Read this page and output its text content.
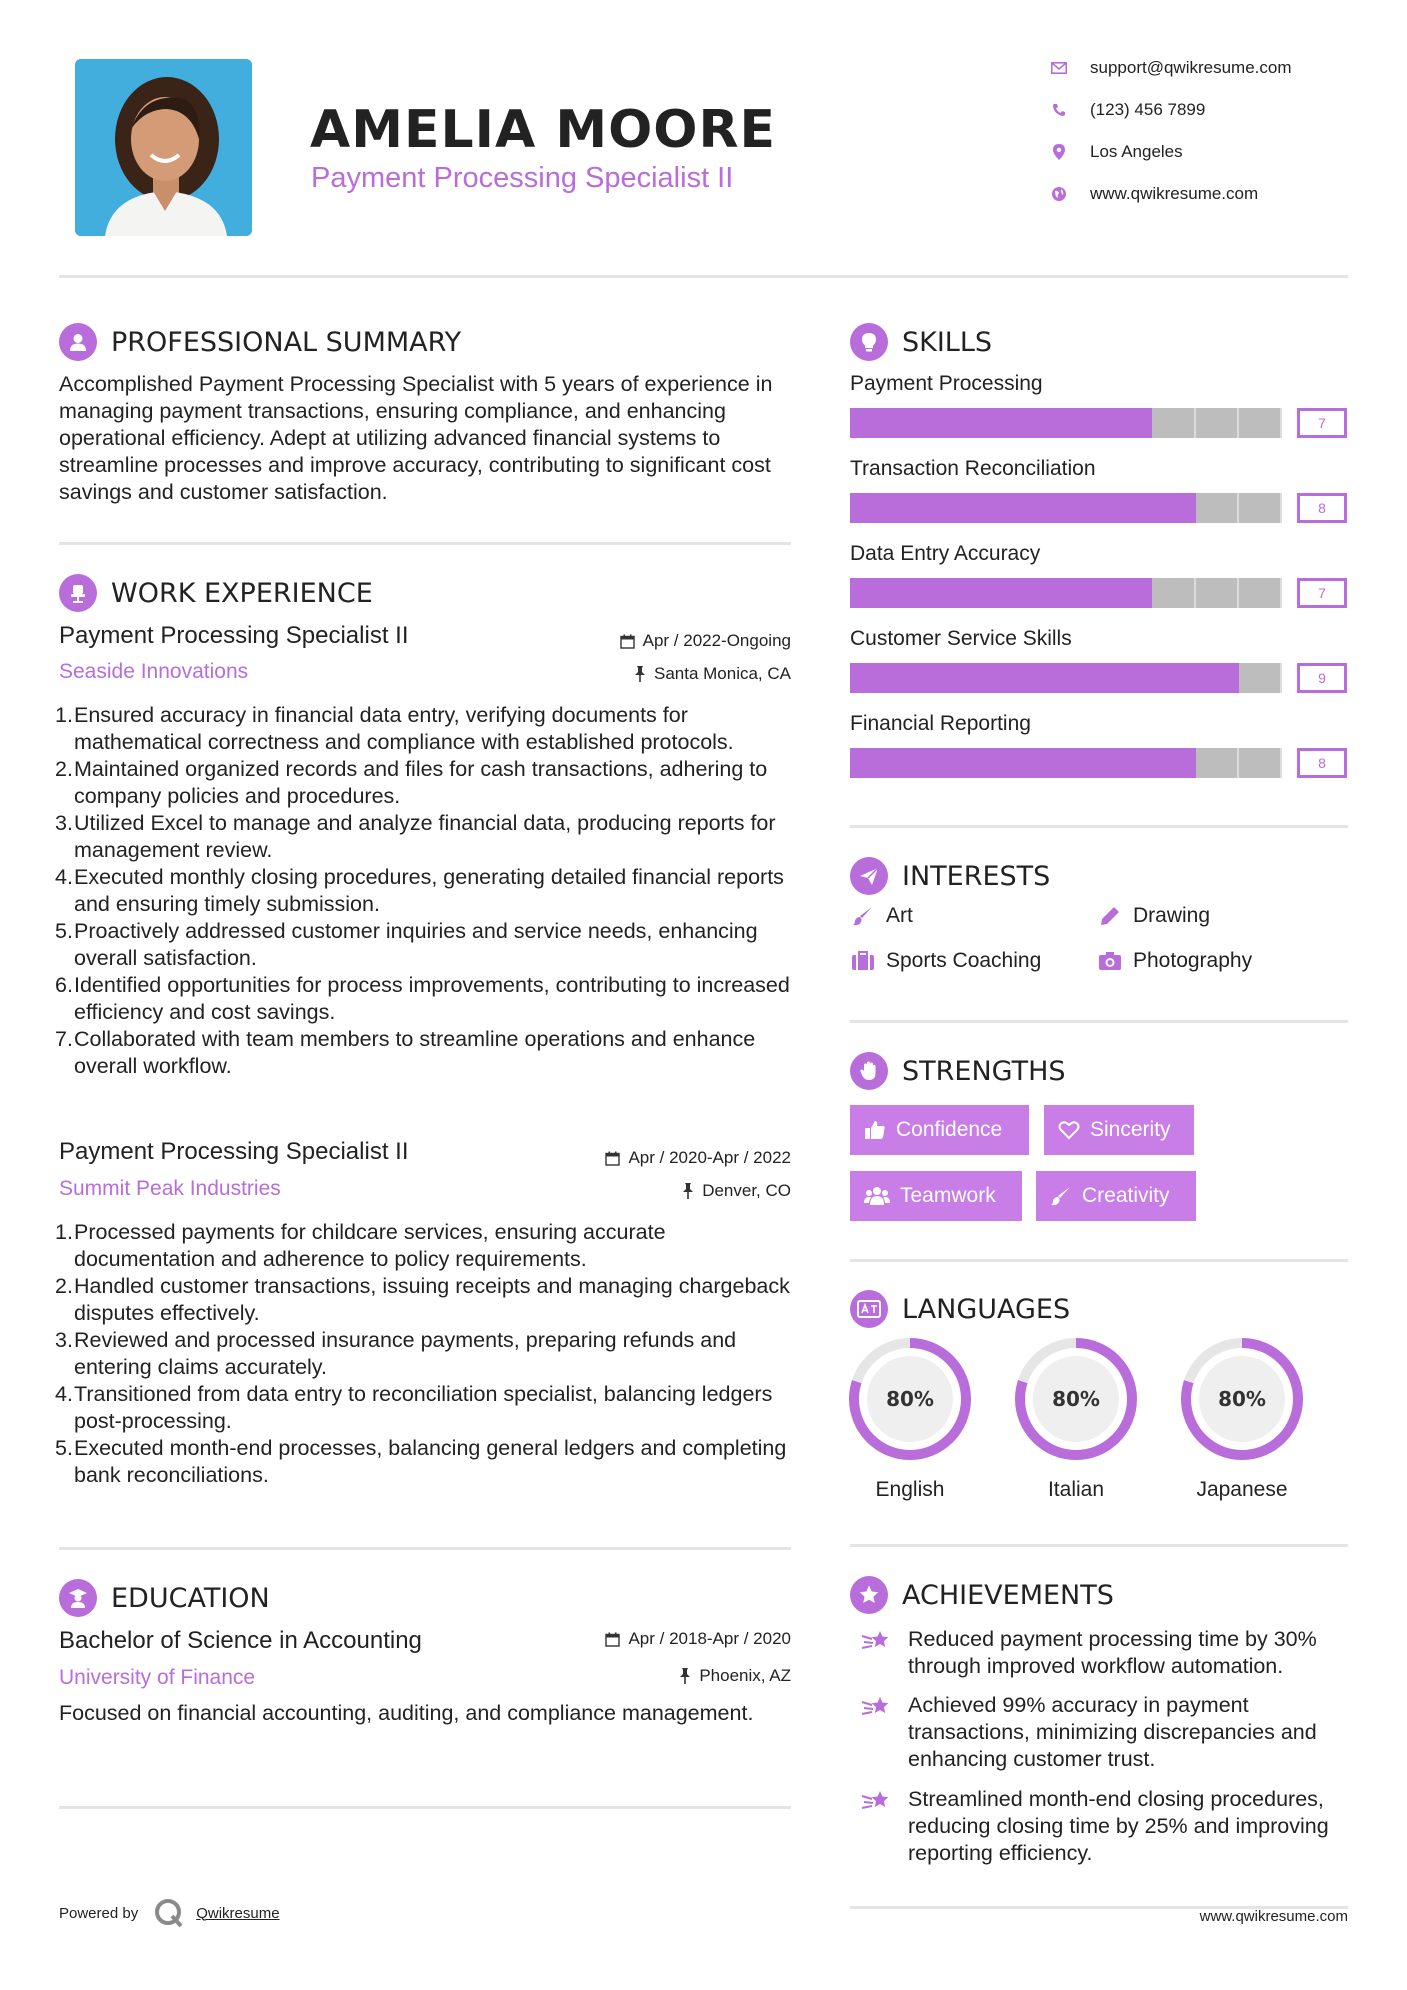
AMELIA MOORE
Payment Processing Specialist II
support@qwikresume.com
(123) 456 7899
Los Angeles
www.qwikresume.com
PROFESSIONAL SUMMARY
Accomplished Payment Processing Specialist with 5 years of experience in managing payment transactions, ensuring compliance, and enhancing operational efficiency. Adept at utilizing advanced financial systems to streamline processes and improve accuracy, contributing to significant cost savings and customer satisfaction.
WORK EXPERIENCE
Payment Processing Specialist II	Apr / 2022-Ongoing
Seaside Innovations	Santa Monica, CA
1. Ensured accuracy in financial data entry, verifying documents for mathematical correctness and compliance with established protocols.
2. Maintained organized records and files for cash transactions, adhering to company policies and procedures.
3. Utilized Excel to manage and analyze financial data, producing reports for management review.
4. Executed monthly closing procedures, generating detailed financial reports and ensuring timely submission.
5. Proactively addressed customer inquiries and service needs, enhancing overall satisfaction.
6. Identified opportunities for process improvements, contributing to increased efficiency and cost savings.
7. Collaborated with team members to streamline operations and enhance overall workflow.
Payment Processing Specialist II	Apr / 2020-Apr / 2022
Summit Peak Industries	Denver, CO
1. Processed payments for childcare services, ensuring accurate documentation and adherence to policy requirements.
2. Handled customer transactions, issuing receipts and managing chargeback disputes effectively.
3. Reviewed and processed insurance payments, preparing refunds and entering claims accurately.
4. Transitioned from data entry to reconciliation specialist, balancing ledgers post-processing.
5. Executed month-end processes, balancing general ledgers and completing bank reconciliations.
EDUCATION
Bachelor of Science in Accounting	Apr / 2018-Apr / 2020
University of Finance	Phoenix, AZ
Focused on financial accounting, auditing, and compliance management.
Powered by	Qwikresume
SKILLS
Payment Processing
7
Transaction Reconciliation
8
Data Entry Accuracy
7
Customer Service Skills
9
Financial Reporting
8
INTERESTS
Art	Drawing
Sports Coaching	Photography
STRENGTHS
Confidence	Sincerity
Teamwork	Creativity
LANGUAGES
80%
English
80%
Italian
80%
Japanese
ACHIEVEMENTS
Reduced payment processing time by 30% through improved workflow automation.
Achieved 99% accuracy in payment transactions, minimizing discrepancies and enhancing customer trust.
Streamlined month-end closing procedures, reducing closing time by 25% and improving reporting efficiency.
www.qwikresume.com
